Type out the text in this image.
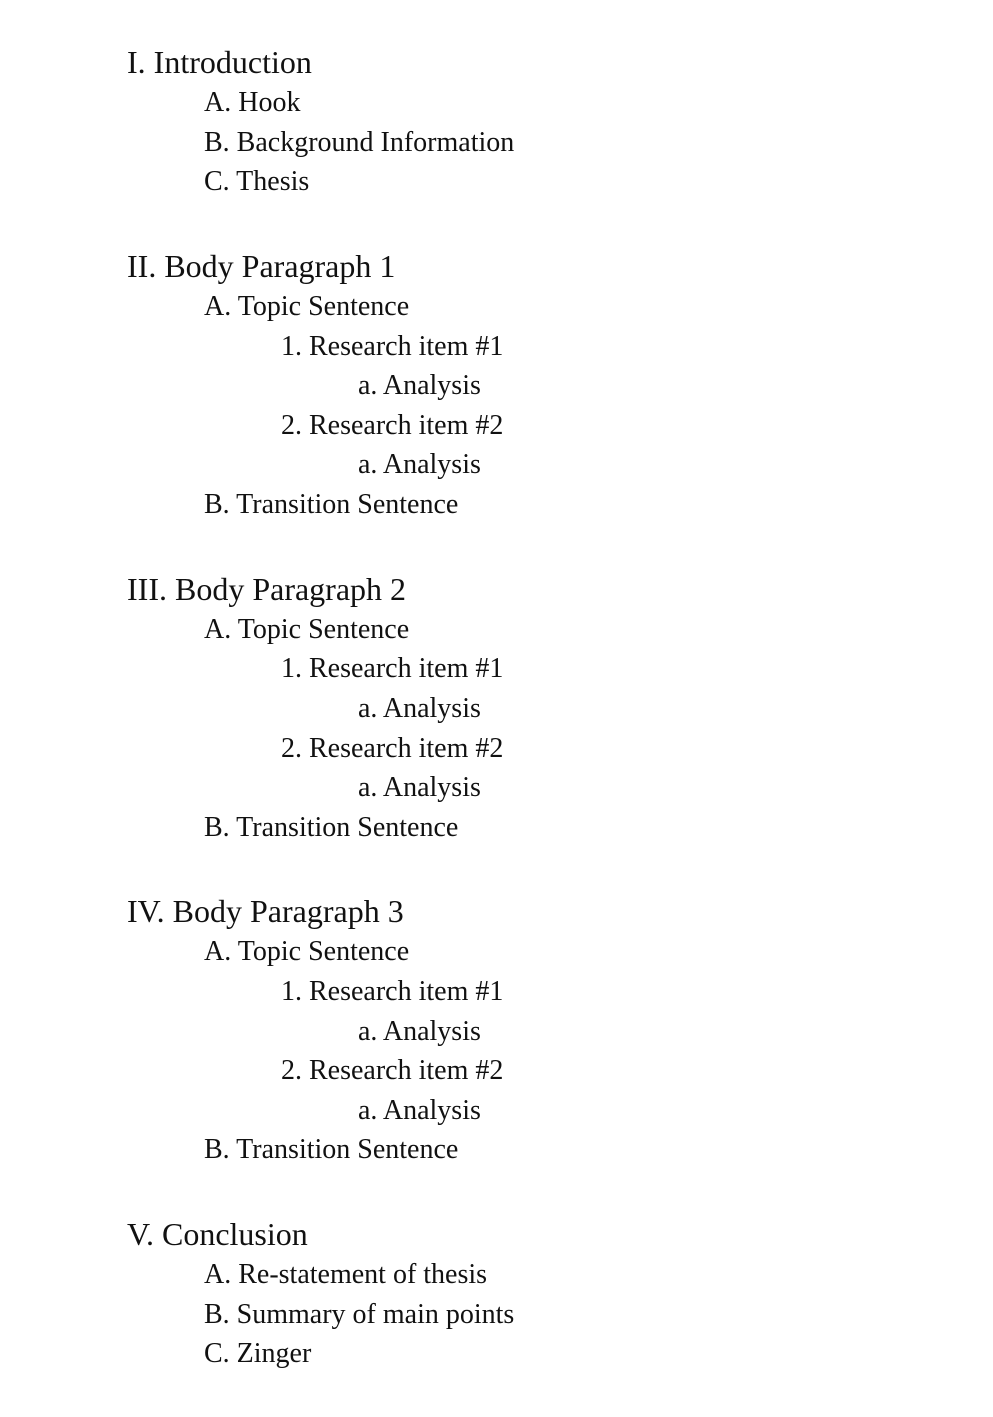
I. Introduction
A. Hook
B. Background Information
C. Thesis
II. Body Paragraph 1
A. Topic Sentence
1. Research item #1
a. Analysis
2. Research item #2
a. Analysis
B. Transition Sentence
III. Body Paragraph 2
A. Topic Sentence
1. Research item #1
a. Analysis
2. Research item #2
a. Analysis
B. Transition Sentence
IV. Body Paragraph 3
A. Topic Sentence
1. Research item #1
a. Analysis
2. Research item #2
a. Analysis
B. Transition Sentence
V. Conclusion
A. Re-statement of thesis
B. Summary of main points
C. Zinger
